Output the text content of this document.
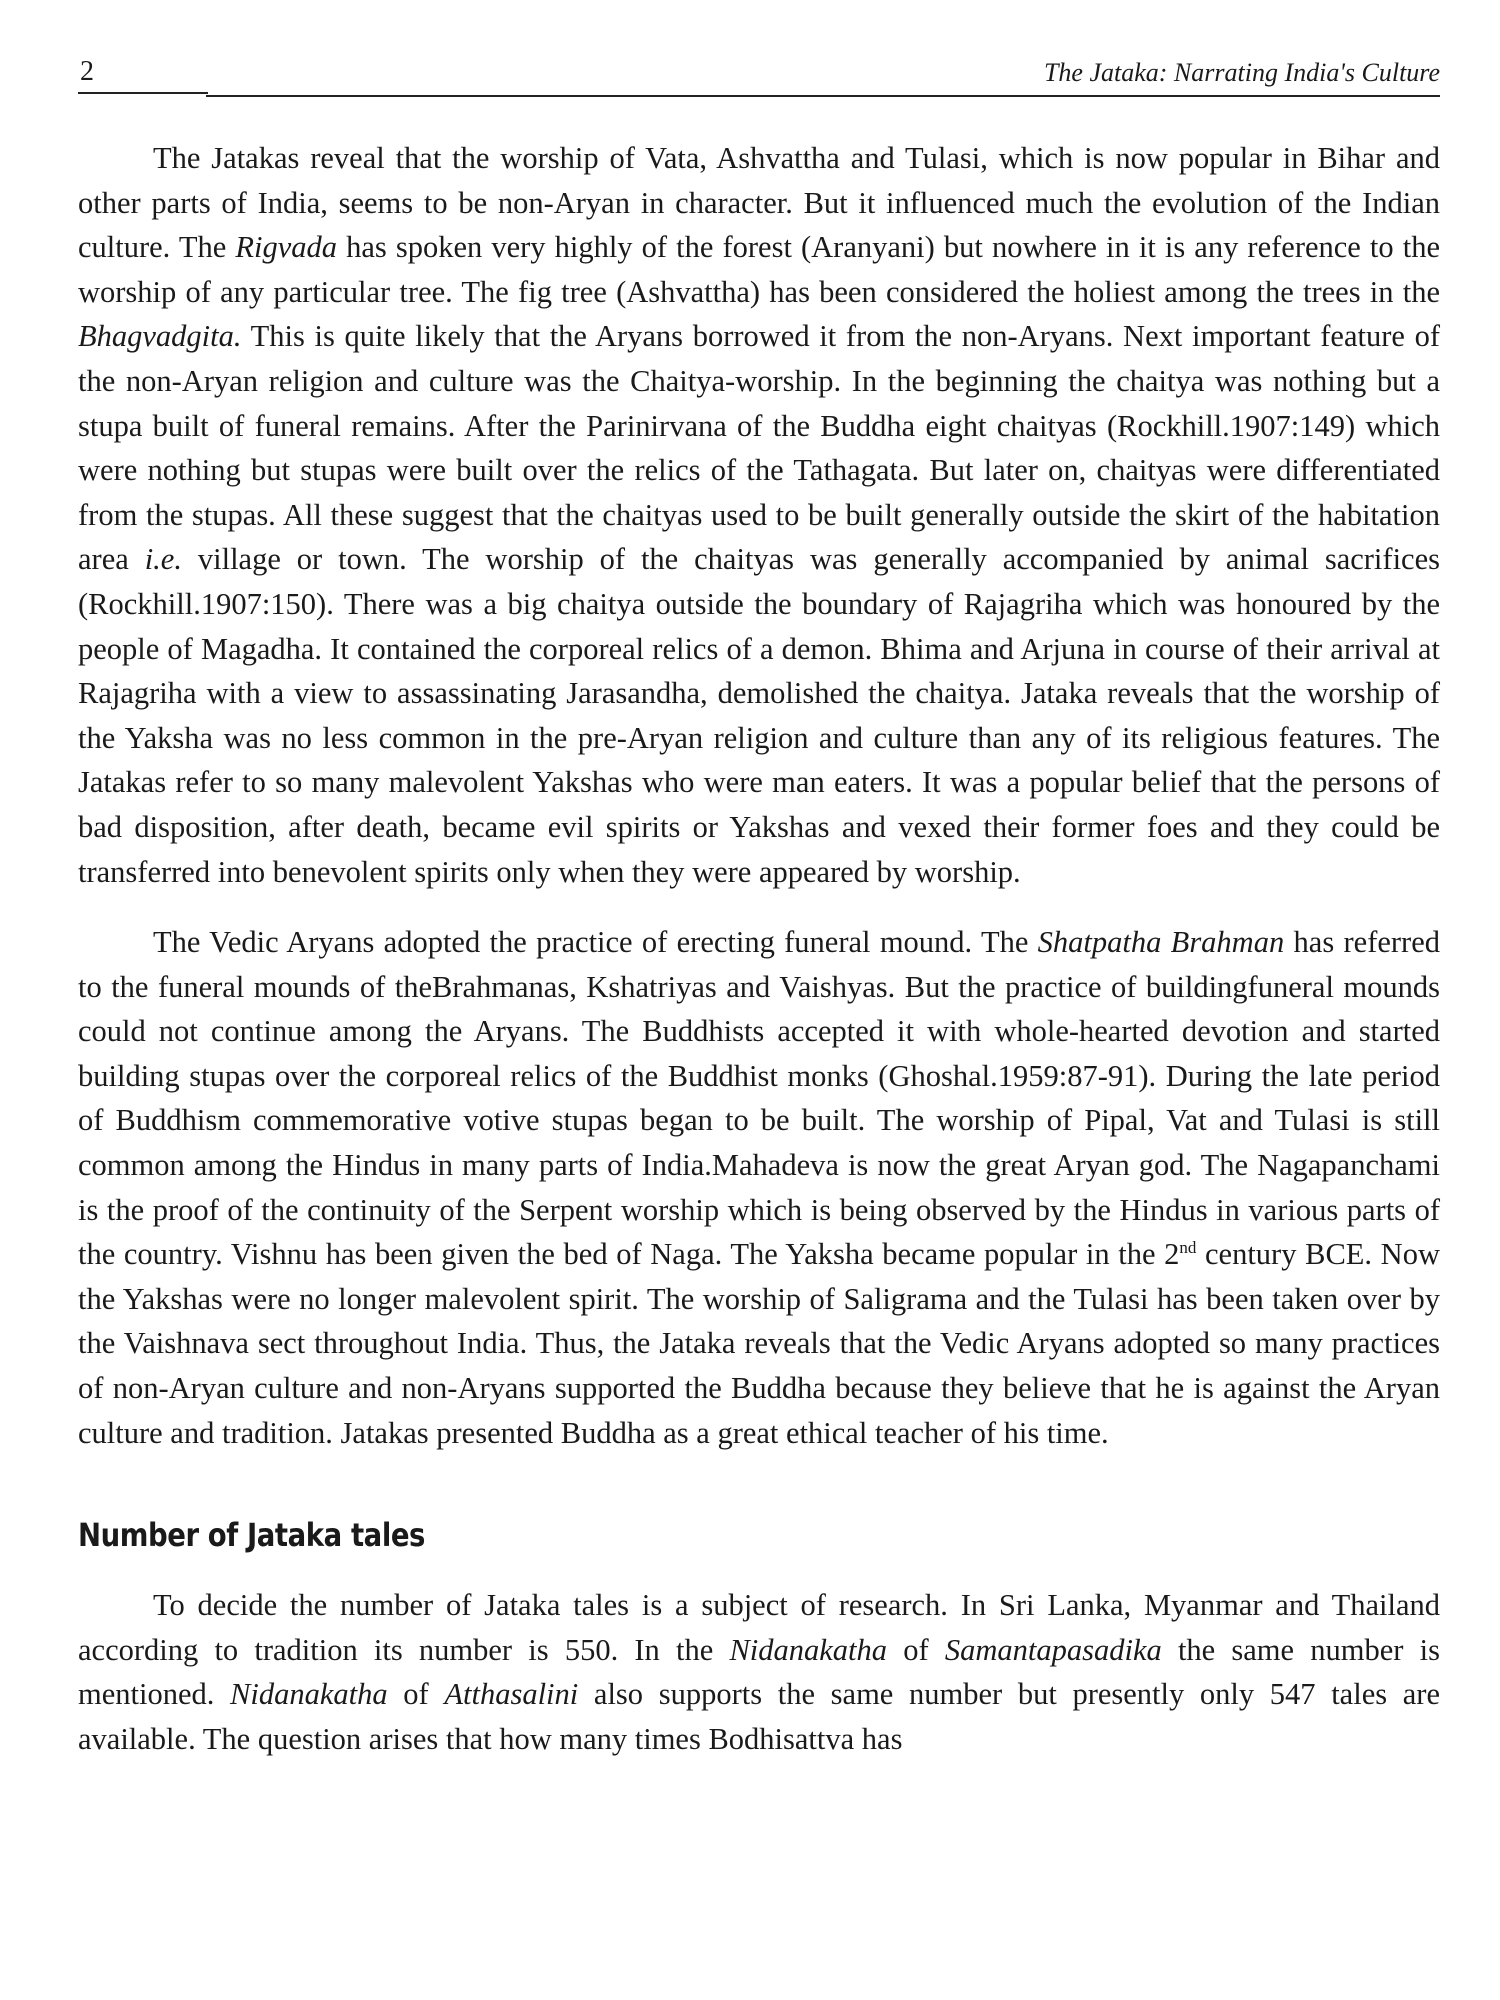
2	The Jataka: Narrating India's Culture

The Jatakas reveal that the worship of Vata, Ashvattha and Tulasi, which is now popular in Bihar and other parts of India, seems to be non-Aryan in character. But it influenced much the evolution of the Indian culture. The Rigvada has spoken very highly of the forest (Aranyani) but nowhere in it is any reference to the worship of any particular tree. The fig tree (Ashvattha) has been considered the holiest among the trees in the Bhagvadgita. This is quite likely that the Aryans borrowed it from the non-Aryans. Next important feature of the non-Aryan religion and culture was the Chaitya-worship. In the beginning the chaitya was nothing but a stupa built of funeral remains. After the Parinirvana of the Buddha eight chaityas (Rockhill.1907:149) which were nothing but stupas were built over the relics of the Tathagata. But later on, chaityas were differentiated from the stupas. All these suggest that the chaityas used to be built generally outside the skirt of the habitation area i.e. village or town. The worship of the chaityas was generally accompanied by animal sacrifices (Rockhill.1907:150). There was a big chaitya outside the boundary of Rajagriha which was honoured by the people of Magadha. It contained the corporeal relics of a demon. Bhima and Arjuna in course of their arrival at Rajagriha with a view to assassinating Jarasandha, demolished the chaitya. Jataka reveals that the worship of the Yaksha was no less common in the pre-Aryan religion and culture than any of its religious features. The Jatakas refer to so many malevolent Yakshas who were man eaters. It was a popular belief that the persons of bad disposition, after death, became evil spirits or Yakshas and vexed their former foes and they could be transferred into benevolent spirits only when they were appeared by worship.

The Vedic Aryans adopted the practice of erecting funeral mound. The Shatpatha Brahman has referred to the funeral mounds of theBrahmanas, Kshatriyas and Vaishyas. But the practice of buildingfuneral mounds could not continue among the Aryans. The Buddhists accepted it with whole-hearted devotion and started building stupas over the corporeal relics of the Buddhist monks (Ghoshal.1959:87-91). During the late period of Buddhism commemorative votive stupas began to be built. The worship of Pipal, Vat and Tulasi is still common among the Hindus in many parts of India.Mahadeva is now the great Aryan god. The Nagapanchami is the proof of the continuity of the Serpent worship which is being observed by the Hindus in various parts of the country. Vishnu has been given the bed of Naga. The Yaksha became popular in the 2nd century BCE. Now the Yakshas were no longer malevolent spirit. The worship of Saligrama and the Tulasi has been taken over by the Vaishnava sect throughout India. Thus, the Jataka reveals that the Vedic Aryans adopted so many practices of non-Aryan culture and non-Aryans supported the Buddha because they believe that he is against the Aryan culture and tradition. Jatakas presented Buddha as a great ethical teacher of his time.

Number of Jataka tales

To decide the number of Jataka tales is a subject of research. In Sri Lanka, Myanmar and Thailand according to tradition its number is 550. In the Nidanakatha of Samantapasadika the same number is mentioned. Nidanakatha of Atthasalini also supports the same number but presently only 547 tales are available. The question arises that how many times Bodhisattva has
